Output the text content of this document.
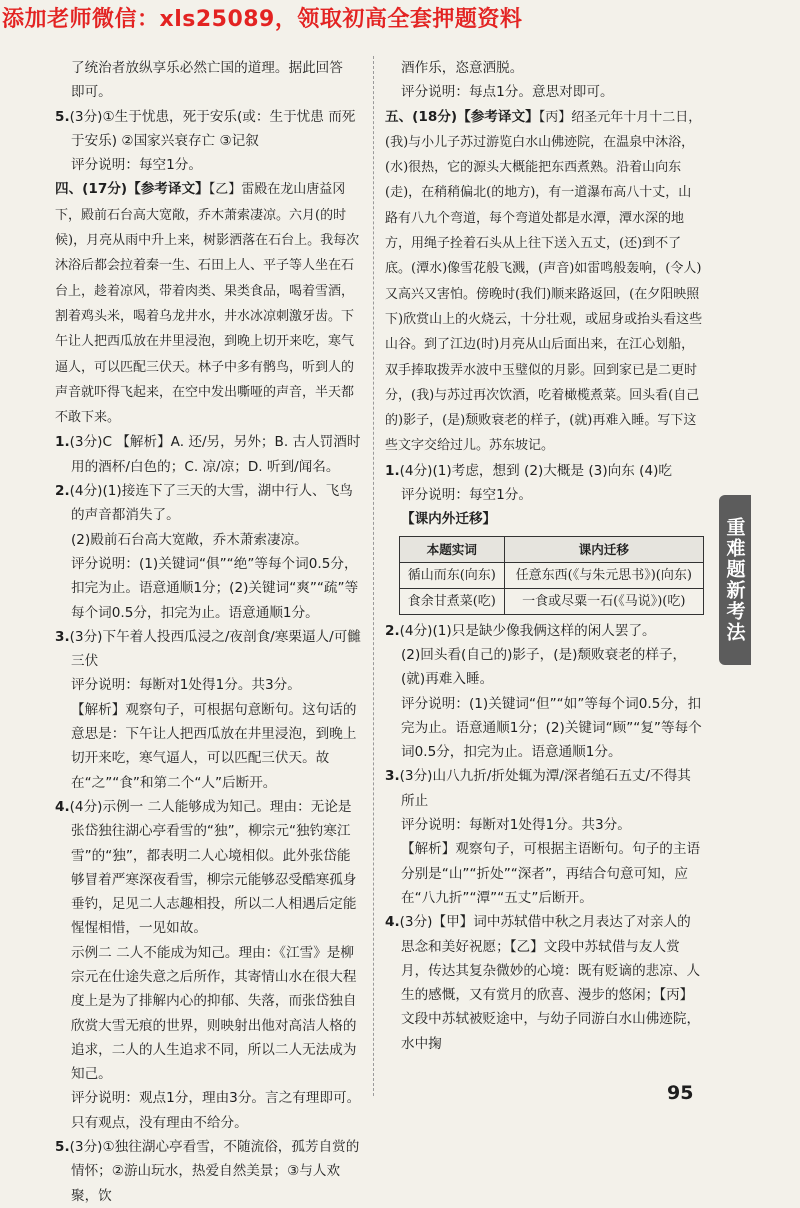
添加老师微信：xls25089，领取初高全套押题资料

了统治者放纵享乐必然亡国的道理。据此回答
即可。

5.(3分)①生于忧患，死于安乐(或：生于忧患 而死于安乐) ②国家兴衰存亡 ③记叙

评分说明：每空1分。

四、(17分)【参考译文】【乙】雷殿在龙山唐益冈下，殿前石台高大宽敞，乔木萧索凄凉。六月(的时候)，月亮从雨中升上来，树影洒落在石台上。我每次沐浴后都会拉着秦一生、石田上人、平子等人坐在石台上，趁着凉风，带着肉类、果类食品，喝着雪酒，割着鸡头米，喝着乌龙井水，井水冰凉刺激牙齿。下午让人把西瓜放在井里浸泡，到晚上切开来吃，寒气逼人，可以匹配三伏天。林子中多有鹘鸟，听到人的声音就吓得飞起来，在空中发出嘶哑的声音，半天都不敢下来。

1.(3分)C 【解析】A. 还/另，另外；B. 古人罚酒时用的酒杯/白色的；C. 凉/凉；D. 听到/闻名。

2.(4分)(1)接连下了三天的大雪，湖中行人、飞鸟的声音都消失了。

(2)殿前石台高大宽敞，乔木萧索凄凉。

评分说明：(1)关键词“俱”“绝”等每个词0.5分，扣完为止。语意通顺1分；(2)关键词“爽”“疏”等每个词0.5分，扣完为止。语意通顺1分。

3.(3分)下午着人投西瓜浸之/夜剖食/寒栗逼人/可雠三伏

评分说明：每断对1处得1分。共3分。

【解析】观察句子，可根据句意断句。这句话的意思是：下午让人把西瓜放在井里浸泡，到晚上切开来吃，寒气逼人，可以匹配三伏天。故在“之”“食”和第二个“人”后断开。

4.(4分)示例一 二人能够成为知己。理由：无论是张岱独往湖心亭看雪的“独”，柳宗元“独钓寒江雪”的“独”，都表明二人心境相似。此外张岱能够冒着严寒深夜看雪，柳宗元能够忍受酷寒孤身垂钓，足见二人志趣相投，所以二人相遇后定能惺惺相惜，一见如故。

示例二 二人不能成为知己。理由：《江雪》是柳宗元在仕途失意之后所作，其寄情山水在很大程度上是为了排解内心的抑郁、失落，而张岱独自欣赏大雪无痕的世界，则映射出他对高洁人格的追求，二人的人生追求不同，所以二人无法成为知己。

评分说明：观点1分，理由3分。言之有理即可。只有观点，没有理由不给分。

5.(3分)①独往湖心亭看雪，不随流俗，孤芳自赏的情怀；②游山玩水，热爱自然美景；③与人欢聚，饮

酒作乐，恣意洒脱。

评分说明：每点1分。意思对即可。

五、(18分)【参考译文】【丙】绍圣元年十月十二日，(我)与小儿子苏过游览白水山佛迹院，在温泉中沐浴，(水)很热，它的源头大概能把东西煮熟。沿着山向东(走)，在稍稍偏北(的地方)，有一道瀑布高八十丈，山路有八九个弯道，每个弯道处都是水潭，潭水深的地方，用绳子拴着石头从上往下送入五丈，(还)到不了底。(潭水)像雪花般飞溅，(声音)如雷鸣般轰响，(令人)又高兴又害怕。傍晚时(我们)顺来路返回，(在夕阳映照下)欣赏山上的火烧云，十分壮观，或屈身或抬头看这些山谷。到了江边(时)月亮从山后面出来，在江心划船，双手捧取拨弄水波中玉璧似的月影。回到家已是二更时分，(我)与苏过再次饮酒，吃着橄榄煮菜。回头看(自己的)影子，(是)颓败衰老的样子，(就)再难入睡。写下这些文字交给过儿。苏东坡记。

1.(4分)(1)考虑，想到 (2)大概是 (3)向东 (4)吃

评分说明：每空1分。

【课内外迁移】

本题实词	课内迁移
循山而东(向东)	任意东西(《与朱元思书》)(向东)
食余甘煮菜(吃)	一食或尽粟一石(《马说》)(吃)

2.(4分)(1)只是缺少像我俩这样的闲人罢了。

(2)回头看(自己的)影子，(是)颓败衰老的样子，(就)再难入睡。

评分说明：(1)关键词“但”“如”等每个词0.5分，扣完为止。语意通顺1分；(2)关键词“顾”“复”等每个词0.5分，扣完为止。语意通顺1分。

3.(3分)山八九折/折处辄为潭/深者缒石五丈/不得其所止

评分说明：每断对1处得1分。共3分。

【解析】观察句子，可根据主语断句。句子的主语分别是“山”“折处”“深者”，再结合句意可知，应在“八九折”“潭”“五丈”后断开。

4.(3分)【甲】词中苏轼借中秋之月表达了对亲人的思念和美好祝愿；【乙】文段中苏轼借与友人赏月，传达其复杂微妙的心境：既有贬谪的悲凉、人生的感慨，又有赏月的欣喜、漫步的悠闲；【丙】文段中苏轼被贬途中，与幼子同游白水山佛迹院，水中掬

重难题新考法
95
